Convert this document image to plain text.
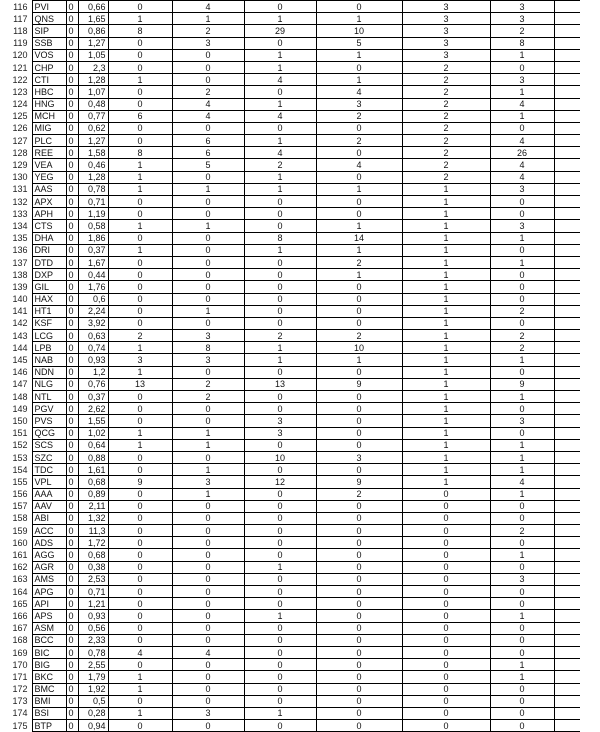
116	PVI	0	0,66	0	4	0	0	3	3	
117	QNS	0	1,65	1	1	1	1	3	3	
118	SIP	0	0,86	8	2	29	10	3	2	
119	SSB	0	1,27	0	3	0	5	3	8	
120	VOS	0	1,05	0	0	1	1	3	1	
121	CHP	0	2,3	0	0	1	0	2	0	
122	CTI	0	1,28	1	0	4	1	2	3	
123	HBC	0	1,07	0	2	0	4	2	1	
124	HNG	0	0,48	0	4	1	3	2	4	
125	MCH	0	0,77	6	4	4	2	2	1	
126	MIG	0	0,62	0	0	0	0	2	0	
127	PLC	0	1,27	0	6	1	2	2	4	
128	REE	0	1,58	8	6	4	0	2	26	
129	VEA	0	0,46	1	5	2	4	2	4	
130	YEG	0	1,28	1	0	1	0	2	4	
131	AAS	0	0,78	1	1	1	1	1	3	
132	APX	0	0,71	0	0	0	0	1	0	
133	APH	0	1,19	0	0	0	0	1	0	
134	CTS	0	0,58	1	1	0	1	1	3	
135	DHA	0	1,86	0	0	8	14	1	1	
136	DRI	0	0,37	1	0	1	1	1	0	
137	DTD	0	1,67	0	0	0	2	1	1	
138	DXP	0	0,44	0	0	0	1	1	0	
139	GIL	0	1,76	0	0	0	0	1	0	
140	HAX	0	0,6	0	0	0	0	1	0	
141	HT1	0	2,24	0	1	0	0	1	2	
142	KSF	0	3,92	0	0	0	0	1	0	
143	LCG	0	0,63	2	3	2	2	1	2	
144	LPB	0	0,74	1	8	1	10	1	2	
145	NAB	0	0,93	3	3	1	1	1	1	
146	NDN	0	1,2	1	0	0	0	1	0	
147	NLG	0	0,76	13	2	13	9	1	9	
148	NTL	0	0,37	0	2	0	0	1	1	
149	PGV	0	2,62	0	0	0	0	1	0	
150	PVS	0	1,55	0	0	3	0	1	3	
151	QCG	0	1,02	1	1	3	0	1	0	
152	SCS	0	0,64	1	1	0	0	1	1	
153	SZC	0	0,88	0	0	10	3	1	1	
154	TDC	0	1,61	0	1	0	0	1	1	
155	VPL	0	0,68	9	3	12	9	1	4	
156	AAA	0	0,89	0	1	0	2	0	1	
157	AAV	0	2,11	0	0	0	0	0	0	
158	ABI	0	1,32	0	0	0	0	0	0	
159	ACC	0	11,3	0	0	0	0	0	2	
160	ADS	0	1,72	0	0	0	0	0	0	
161	AGG	0	0,68	0	0	0	0	0	1	
162	AGR	0	0,38	0	0	1	0	0	0	
163	AMS	0	2,53	0	0	0	0	0	3	
164	APG	0	0,71	0	0	0	0	0	0	
165	API	0	1,21	0	0	0	0	0	0	
166	APS	0	0,93	0	0	1	0	0	1	
167	ASM	0	0,56	0	0	0	0	0	0	
168	BCC	0	2,33	0	0	0	0	0	0	
169	BIC	0	0,78	4	4	0	0	0	0	
170	BIG	0	2,55	0	0	0	0	0	1	
171	BKC	0	1,79	1	0	0	0	0	1	
172	BMC	0	1,92	1	0	0	0	0	0	
173	BMI	0	0,5	0	0	0	0	0	0	
174	BSI	0	0,28	1	3	1	0	0	0	
175	BTP	0	0,94	0	0	0	0	0	0	
